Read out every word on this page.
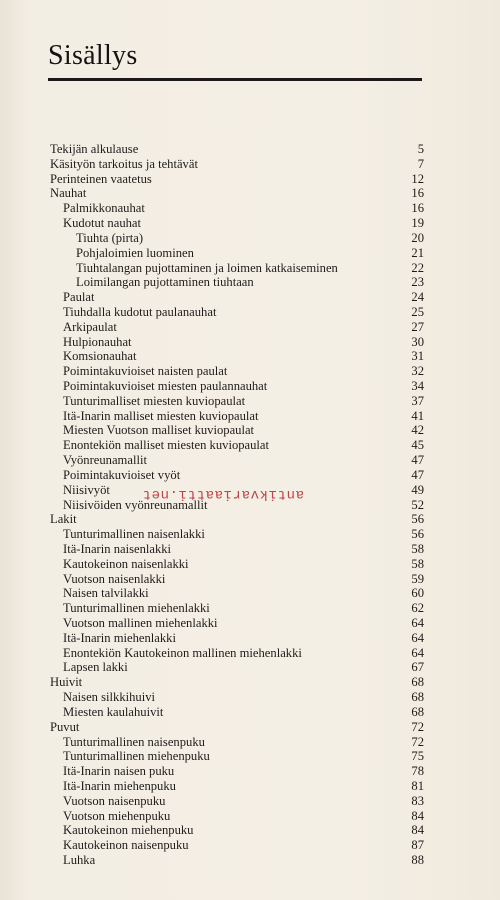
Sisällys
Tekijän alkulause	5
Käsityön tarkoitus ja tehtävät	7
Perinteinen vaatetus	12
Nauhat	16
Palmikkonauhat	16
Kudotut nauhat	19
Tiuhta (pirta)	20
Pohjaloimien luominen	21
Tiuhtalangan pujottaminen ja loimen katkaiseminen	22
Loimilangan pujottaminen tiuhtaan	23
Paulat	24
Tiuhdalla kudotut paulanauhat	25
Arkipaulat	27
Hulpionauhat	30
Komsionauhat	31
Poimintakuvioiset naisten paulat	32
Poimintakuvioiset miesten paulannauhat	34
Tunturimalliset miesten kuviopaulat	37
Itä-Inarin malliset miesten kuviopaulat	41
Miesten Vuotson malliset kuviopaulat	42
Enontekiön malliset miesten kuviopaulat	45
Vyönreunamallit	47
Poimintakuvioiset vyöt	47
Niisivyöt	49
Niisivöiden vyönreunamallit	52
Lakit	56
Tunturimallinen naisenlakki	56
Itä-Inarin naisenlakki	58
Kautokeinon naisenlakki	58
Vuotson naisenlakki	59
Naisen talvilakki	60
Tunturimallinen miehenlakki	62
Vuotson mallinen miehenlakki	64
Itä-Inarin miehenlakki	64
Enontekiön Kautokeinon mallinen miehenlakki	64
Lapsen lakki	67
Huivit	68
Naisen silkkihuivi	68
Miesten kaulahuivit	68
Puvut	72
Tunturimallinen naisenpuku	72
Tunturimallinen miehenpuku	75
Itä-Inarin naisen puku	78
Itä-Inarin miehenpuku	81
Vuotson naisenpuku	83
Vuotson miehenpuku	84
Kautokeinon miehenpuku	84
Kautokeinon naisenpuku	87
Luhka	88
antikvariaatti.net
